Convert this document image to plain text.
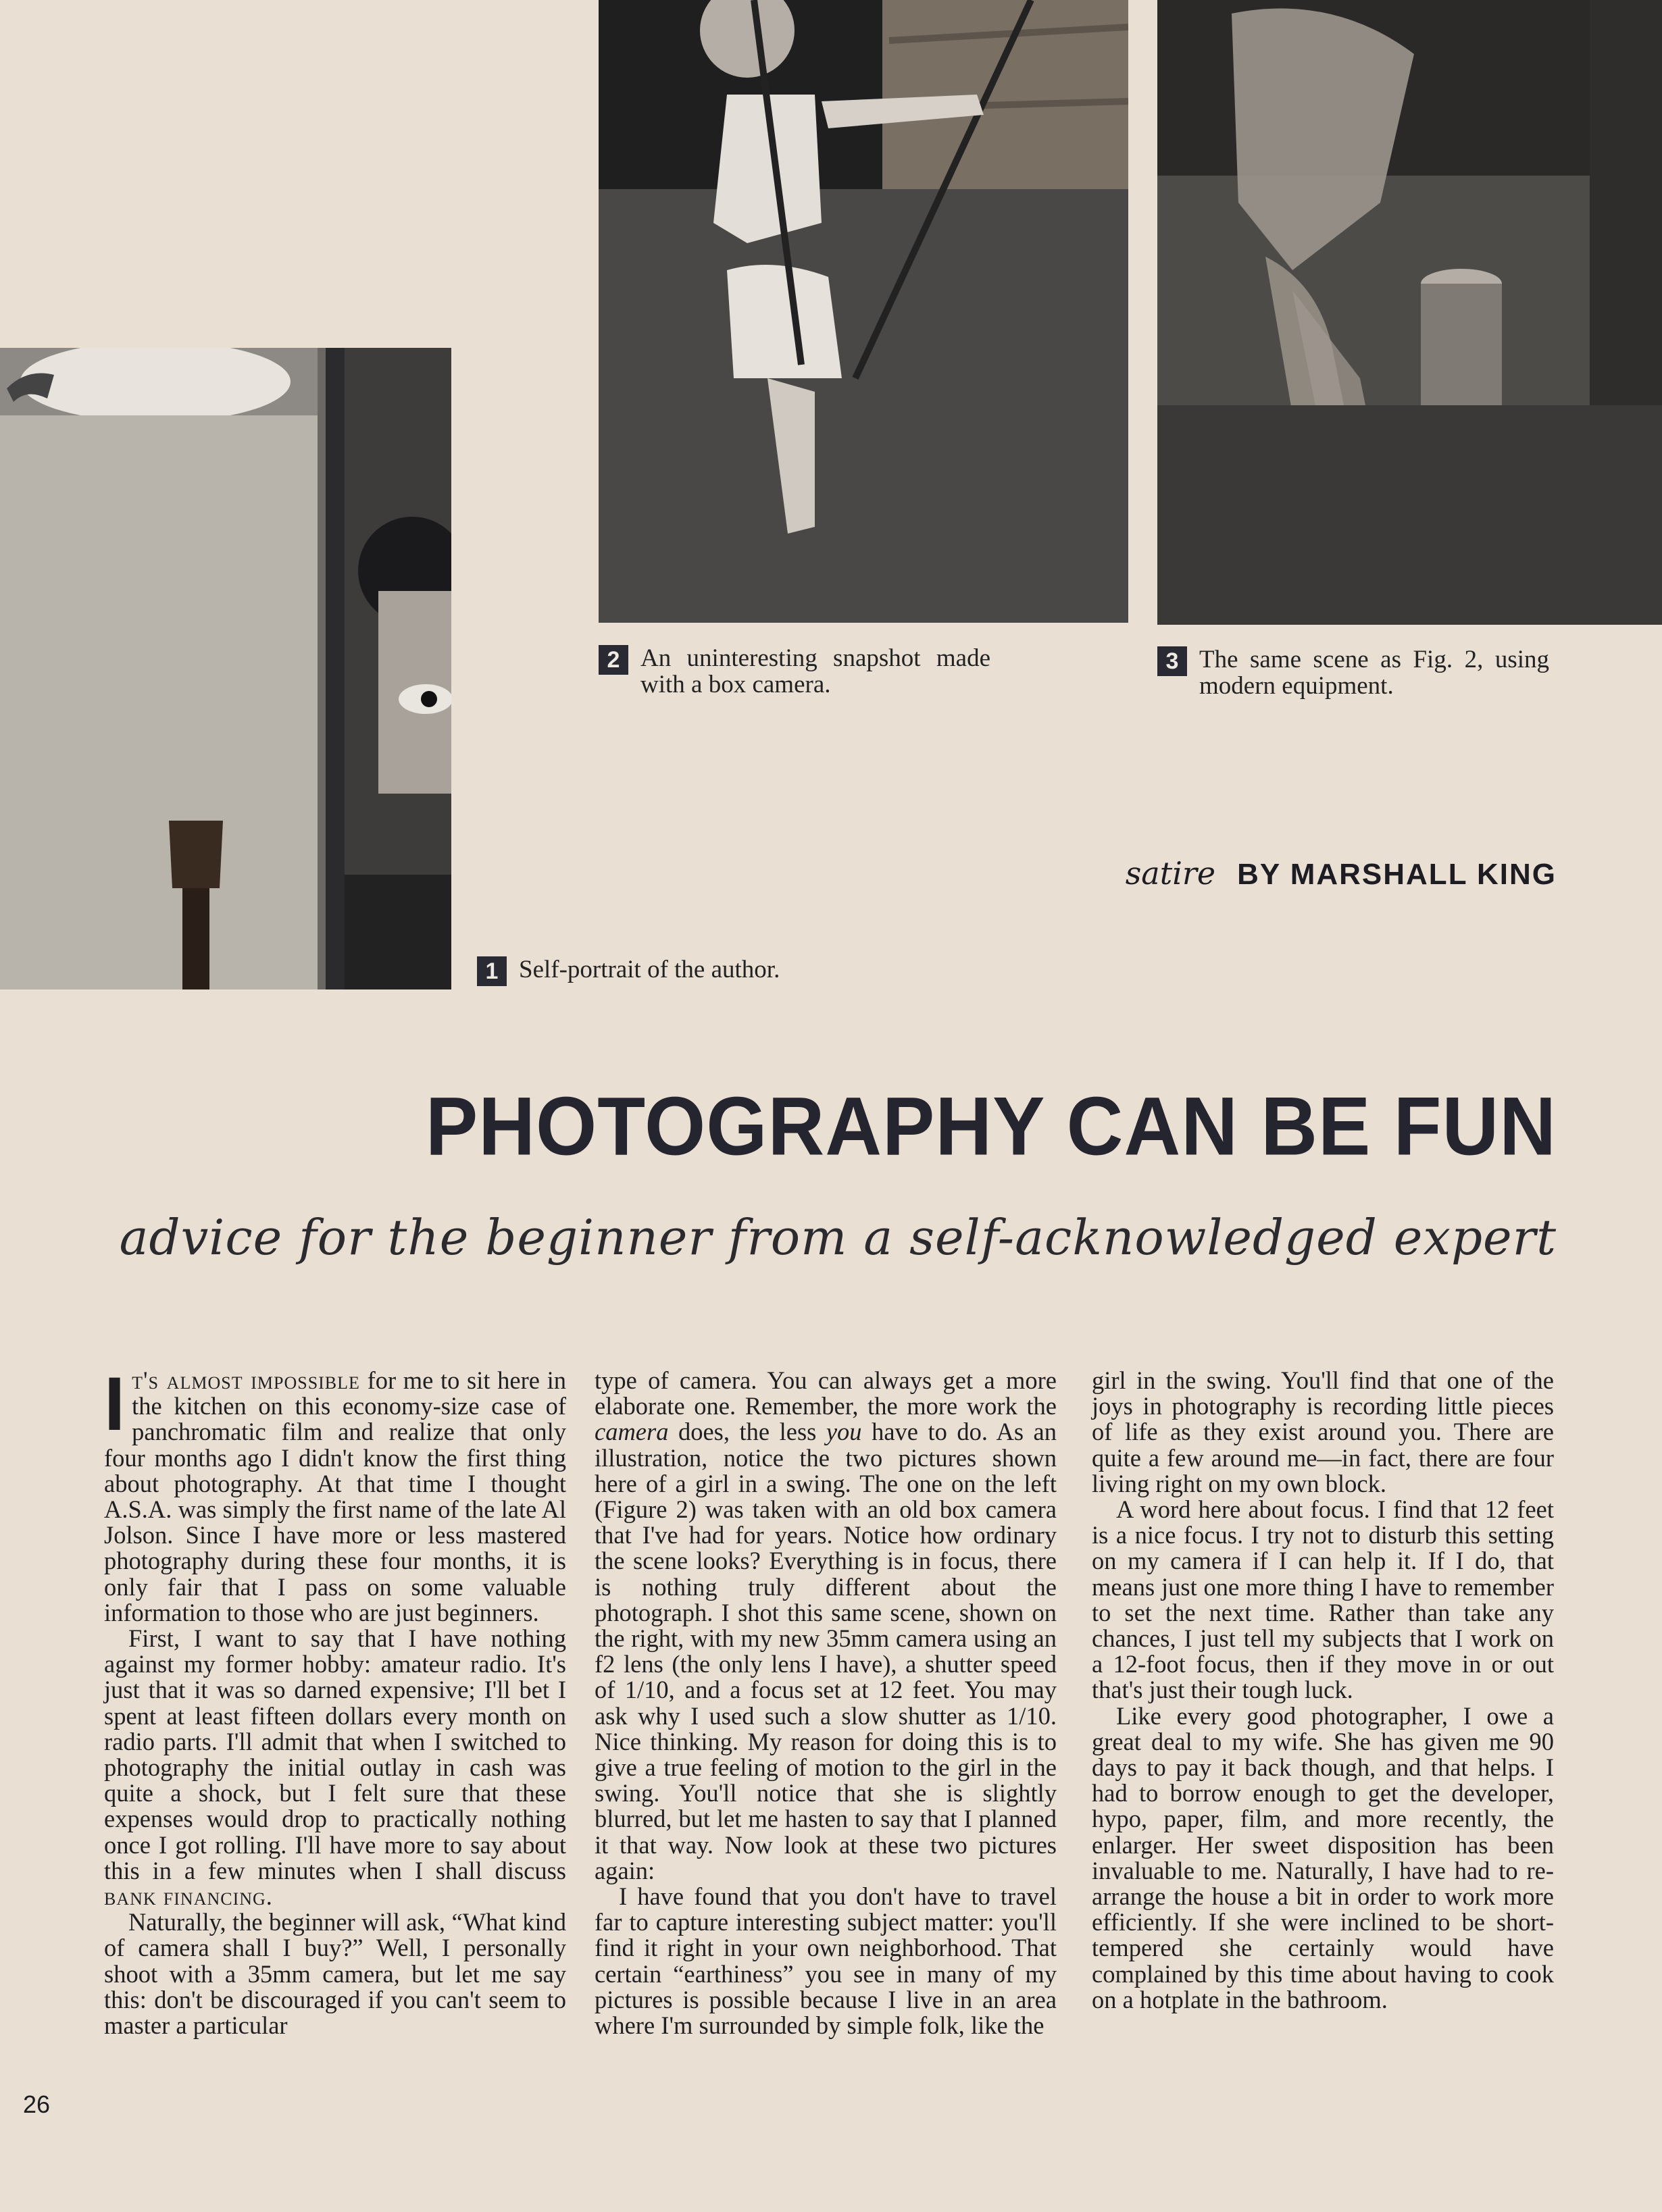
2 An uninteresting snapshot made with a box camera.
3 The same scene as Fig. 2, using modern equipment.
1 Self-portrait of the author.
satire BY MARSHALL KING
PHOTOGRAPHY CAN BE FUN
advice for the beginner from a self-acknowledged expert

It's almost impossible for me to sit here in the kitchen on this economy-size case of panchromatic film and realize that only four months ago I didn't know the first thing about photography. At that time I thought A.S.A. was simply the first name of the late Al Jolson. Since I have more or less mastered photography during these four months, it is only fair that I pass on some valuable information to those who are just beginners.

First, I want to say that I have nothing against my former hobby: amateur radio. It's just that it was so darned expensive; I'll bet I spent at least fifteen dollars every month on radio parts. I'll admit that when I switched to photography the initial outlay in cash was quite a shock, but I felt sure that these expenses would drop to practically nothing once I got rolling. I'll have more to say about this in a few minutes when I shall discuss bank financing.

Naturally, the beginner will ask, “What kind of camera shall I buy?” Well, I personally shoot with a 35mm camera, but let me say this: don't be discouraged if you can't seem to master a particular

type of camera. You can always get a more elaborate one. Remember, the more work the camera does, the less you have to do. As an illustration, notice the two pictures shown here of a girl in a swing. The one on the left (Figure 2) was taken with an old box camera that I've had for years. Notice how ordinary the scene looks? Everything is in focus, there is nothing truly different about the photograph. I shot this same scene, shown on the right, with my new 35mm camera using an f2 lens (the only lens I have), a shutter speed of 1/10, and a focus set at 12 feet. You may ask why I used such a slow shutter as 1/10. Nice thinking. My reason for doing this is to give a true feeling of motion to the girl in the swing. You'll notice that she is slightly blurred, but let me hasten to say that I planned it that way. Now look at these two pictures again:

I have found that you don't have to travel far to capture interesting subject matter: you'll find it right in your own neighborhood. That certain “earthiness” you see in many of my pictures is possible because I live in an area where I'm surrounded by simple folk, like the

girl in the swing. You'll find that one of the joys in photography is recording little pieces of life as they exist around you. There are quite a few around me—in fact, there are four living right on my own block.

A word here about focus. I find that 12 feet is a nice focus. I try not to disturb this setting on my camera if I can help it. If I do, that means just one more thing I have to remember to set the next time. Rather than take any chances, I just tell my subjects that I work on a 12-foot focus, then if they move in or out that's just their tough luck.

Like every good photographer, I owe a great deal to my wife. She has given me 90 days to pay it back though, and that helps. I had to borrow enough to get the developer, hypo, paper, film, and more recently, the enlarger. Her sweet disposition has been invaluable to me. Naturally, I have had to re-arrange the house a bit in order to work more efficiently. If she were inclined to be short-tempered she certainly would have complained by this time about having to cook on a hotplate in the bathroom.

26
